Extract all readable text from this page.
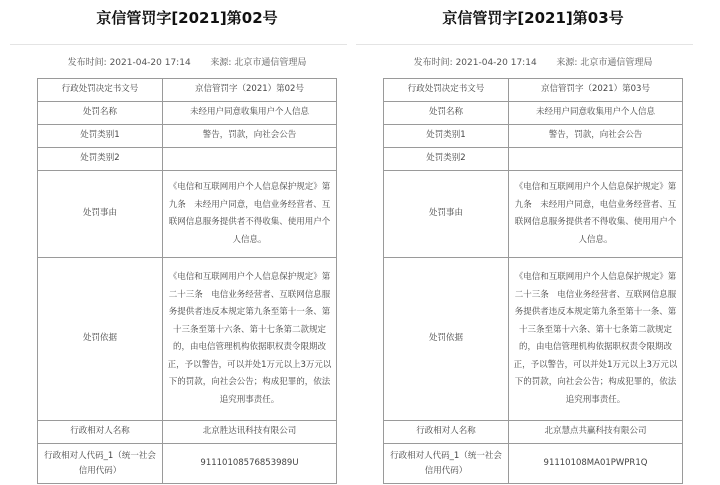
京信管罚字[2021]第02号
发布时间: 2021-04-20 17:14 来源: 北京市通信管理局
行政处罚决定书文号	京信管罚字（2021）第02号
处罚名称	未经用户同意收集用户个人信息
处罚类别1	警告，罚款，向社会公告
处罚类别2	
处罚事由	《电信和互联网用户个人信息保护规定》第九条　未经用户同意，电信业务经营者、互联网信息服务提供者不得收集、使用用户个人信息。
处罚依据	《电信和互联网用户个人信息保护规定》第二十三条　电信业务经营者、互联网信息服务提供者违反本规定第九条至第十一条、第十三条至第十六条、第十七条第二款规定的，由电信管理机构依据职权责令限期改正，予以警告，可以并处1万元以上3万元以下的罚款，向社会公告；构成犯罪的，依法追究刑事责任。
行政相对人名称	北京胜达讯科技有限公司
行政相对人代码_1（统一社会信用代码）	9111010857685398​9U
京信管罚字[2021]第03号
发布时间: 2021-04-20 17:14 来源: 北京市通信管理局
行政处罚决定书文号	京信管罚字（2021）第03号
处罚名称	未经用户同意收集用户个人信息
处罚类别1	警告，罚款，向社会公告
处罚类别2	
处罚事由	《电信和互联网用户个人信息保护规定》第九条　未经用户同意，电信业务经营者、互联网信息服务提供者不得收集、使用用户个人信息。
处罚依据	《电信和互联网用户个人信息保护规定》第二十三条　电信业务经营者、互联网信息服务提供者违反本规定第九条至第十一条、第十三条至第十六条、第十七条第二款规定的，由电信管理机构依据职权责令限期改正，予以警告，可以并处1万元以上3万元以下的罚款，向社会公告；构成犯罪的，依法追究刑事责任。
行政相对人名称	北京慧点共赢科技有限公司
行政相对人代码_1（统一社会信用代码）	91110108MA01PWPR1Q
